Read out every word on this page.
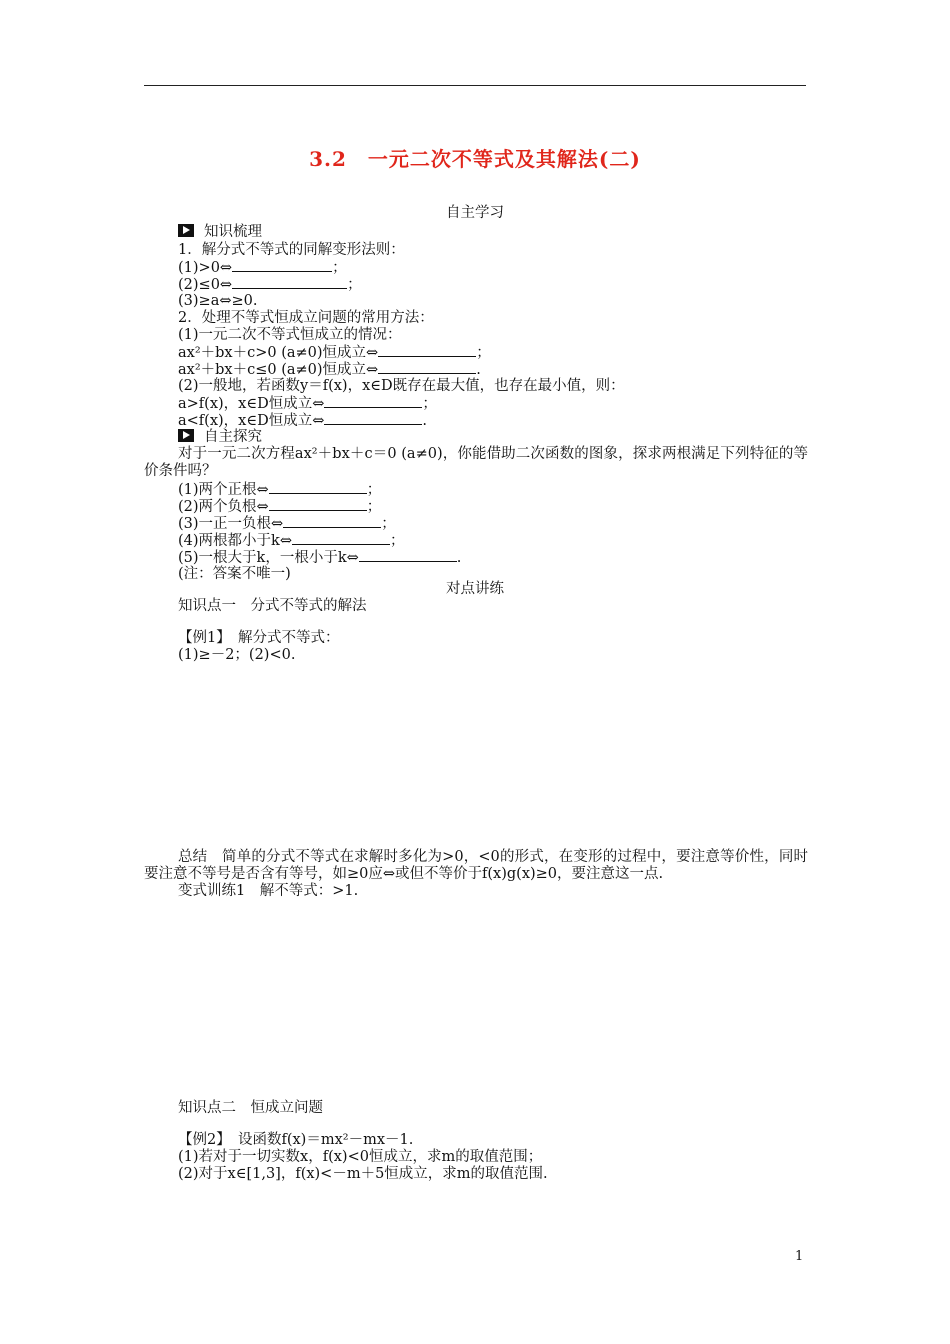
3.2　一元二次不等式及其解法(二)
自主学习
知识梳理
1．解分式不等式的同解变形法则：
(1)>0⇔	；
(2)≤0⇔	；
(3)≥a⇔≥0.
2．处理不等式恒成立问题的常用方法：
(1)一元二次不等式恒成立的情况：
ax²＋bx＋c>0 (a≠0)恒成立⇔	；
ax²＋bx＋c≤0 (a≠0)恒成立⇔	.
(2)一般地，若函数y＝f(x)，x∈D既存在最大值，也存在最小值，则：
a>f(x)，x∈D恒成立⇔	；
a<f(x)，x∈D恒成立⇔	.
自主探究
对于一元二次方程ax²＋bx＋c＝0 (a≠0)，你能借助二次函数的图象，探求两根满足下列特征的等价条件吗？
(1)两个正根⇔	；
(2)两个负根⇔	；
(3)一正一负根⇔	；
(4)两根都小于k⇔	；
(5)一根大于k，一根小于k⇔	.
(注：答案不唯一)
对点讲练
知识点一　分式不等式的解法
【例1】　 解分式不等式：
(1)≥－2；(2)<0.
总结　简单的分式不等式在求解时多化为>0，<0的形式，在变形的过程中，要注意等价性，同时要注意不等号是否含有等号，如≥0应⇔或但不等价于f(x)g(x)≥0，要注意这一点.
变式训练1　解不等式：>1.
知识点二　恒成立问题
【例2】　 设函数f(x)＝mx²－mx－1.
(1)若对于一切实数x，f(x)<0恒成立，求m的取值范围；
(2)对于x∈[1,3]，f(x)<－m＋5恒成立，求m的取值范围.
1
